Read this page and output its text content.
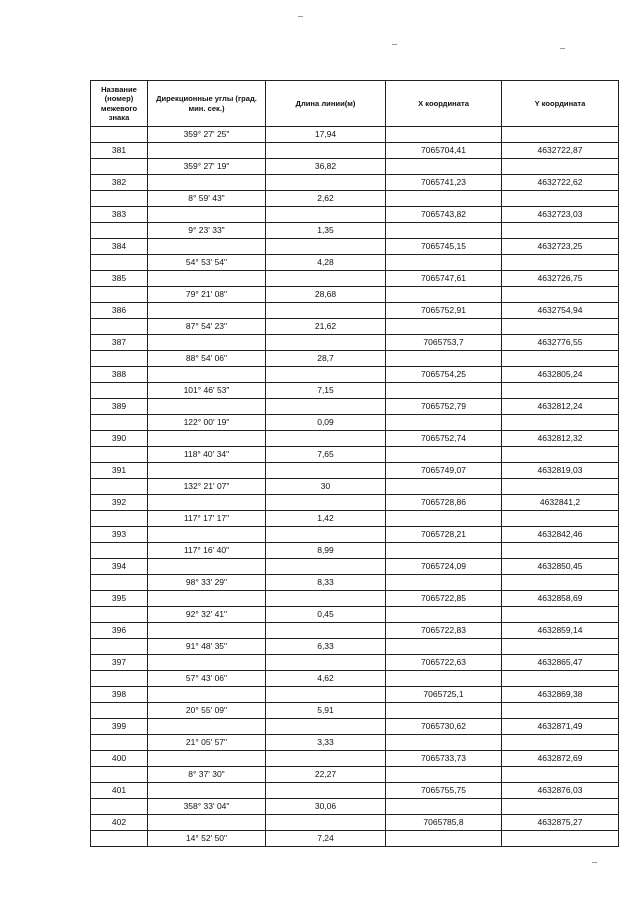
Название (номер) межевого знака	Дирекционные углы (град. мин. сек.)	Длина линии(м)	X координата	Y координата
	359° 27' 25"	17,94		
381			7065704,41	4632722,87
	359° 27' 19"	36,82		
382			7065741,23	4632722,62
	8° 59' 43"	2,62		
383			7065743,82	4632723,03
	9° 23' 33"	1,35		
384			7065745,15	4632723,25
	54° 53' 54"	4,28		
385			7065747,61	4632726,75
	79° 21' 08"	28,68		
386			7065752,91	4632754,94
	87° 54' 23"	21,62		
387			7065753,7	4632776,55
	88° 54' 06"	28,7		
388			7065754,25	4632805,24
	101° 46' 53"	7,15		
389			7065752,79	4632812,24
	122° 00' 19"	0,09		
390			7065752,74	4632812,32
	118° 40' 34"	7,65		
391			7065749,07	4632819,03
	132° 21' 07"	30		
392			7065728,86	4632841,2
	117° 17' 17"	1,42		
393			7065728,21	4632842,46
	117° 16' 40"	8,99		
394			7065724,09	4632850,45
	98° 33' 29"	8,33		
395			7065722,85	4632858,69
	92° 32' 41"	0,45		
396			7065722,83	4632859,14
	91° 48' 35"	6,33		
397			7065722,63	4632865,47
	57° 43' 06"	4,62		
398			7065725,1	4632869,38
	20° 55' 09"	5,91		
399			7065730,62	4632871,49
	21° 05' 57"	3,33		
400			7065733,73	4632872,69
	8° 37' 30"	22,27		
401			7065755,75	4632876,03
	358° 33' 04"	30,06		
402			7065785,8	4632875,27
	14° 52' 50"	7,24		
